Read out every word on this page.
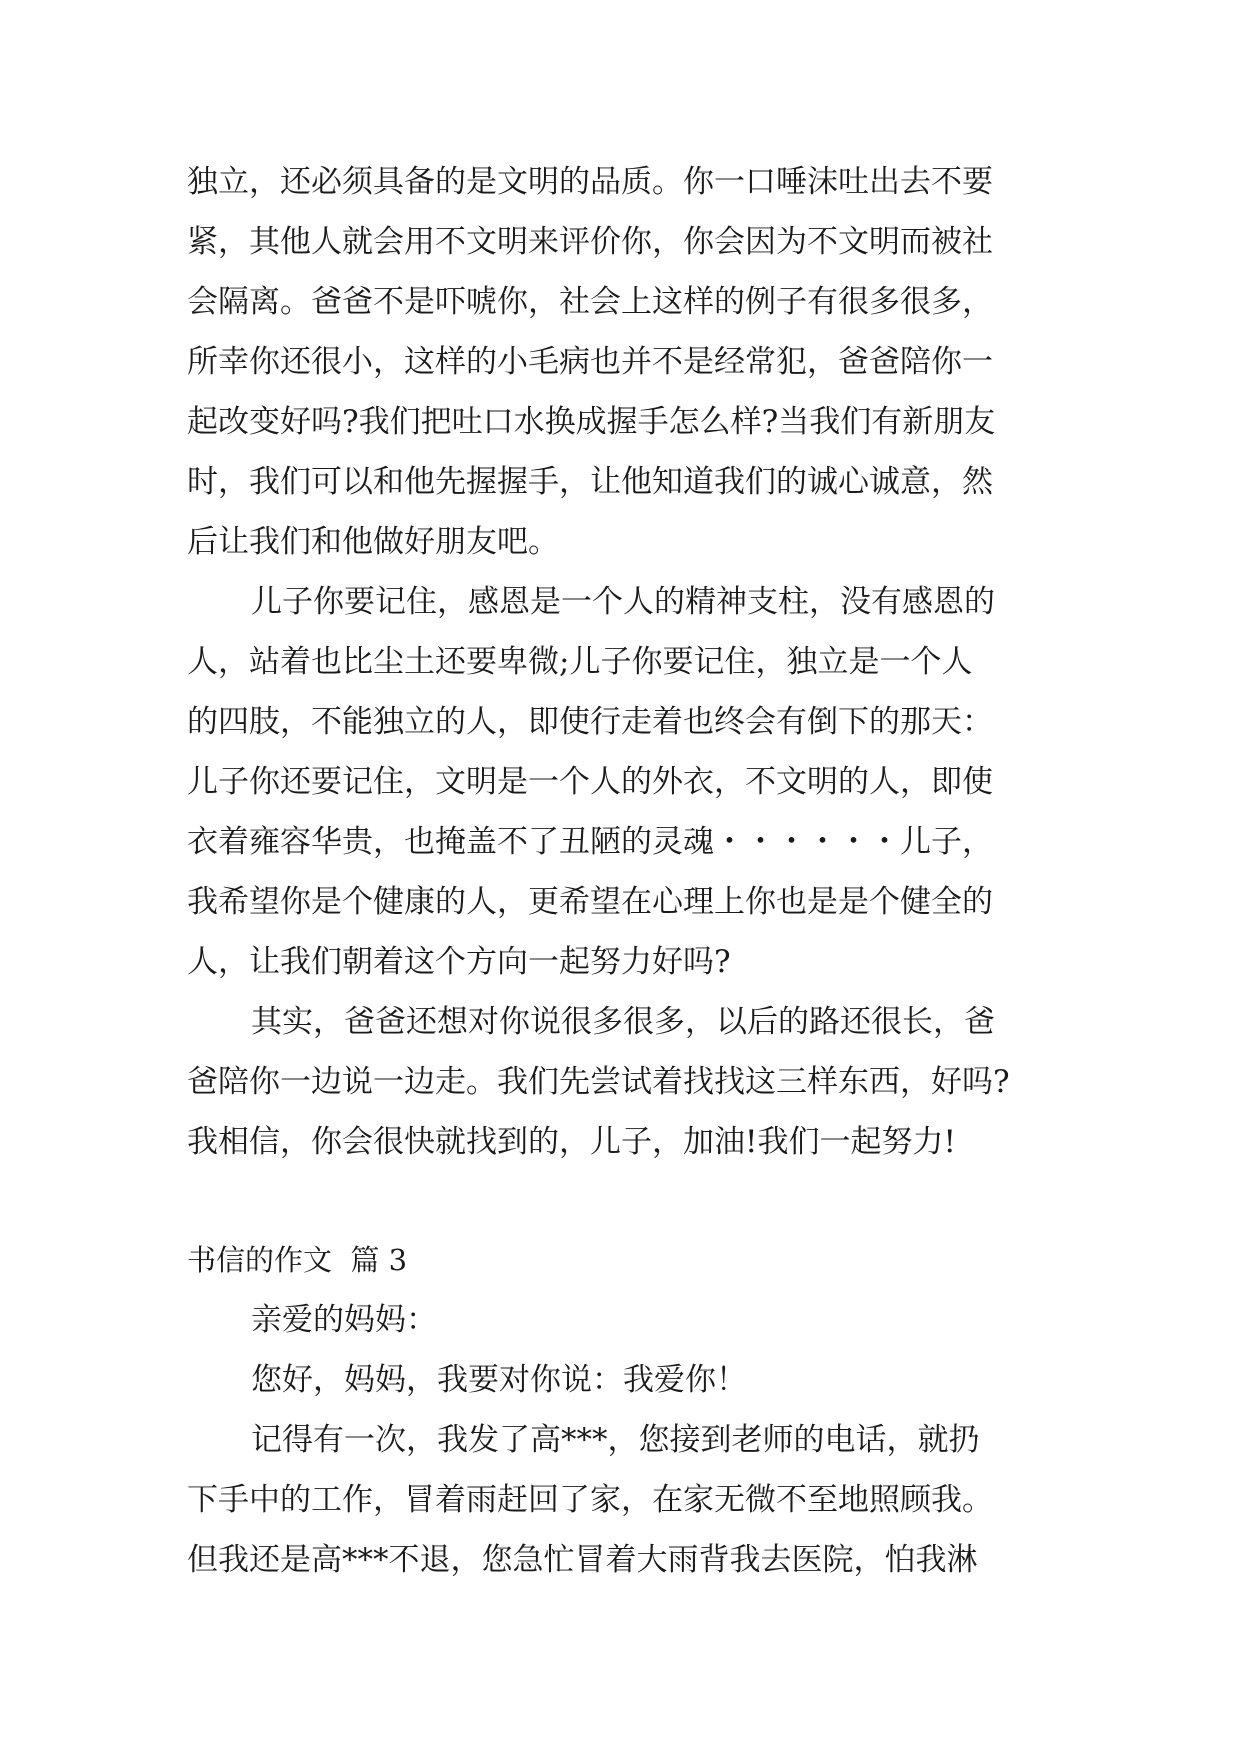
独立，还必须具备的是文明的品质。你一口唾沫吐出去不要
紧，其他人就会用不文明来评价你，你会因为不文明而被社
会隔离。爸爸不是吓唬你，社会上这样的例子有很多很多，
所幸你还很小，这样的小毛病也并不是经常犯，爸爸陪你一
起改变好吗?我们把吐口水换成握手怎么样?当我们有新朋友
时，我们可以和他先握握手，让他知道我们的诚心诚意，然
后让我们和他做好朋友吧。
儿子你要记住，感恩是一个人的精神支柱，没有感恩的
人，站着也比尘土还要卑微;儿子你要记住，独立是一个人
的四肢，不能独立的人，即使行走着也终会有倒下的那天：
儿子你还要记住，文明是一个人的外衣，不文明的人，即使
衣着雍容华贵，也掩盖不了丑陋的灵魂・・・・・・儿子，
我希望你是个健康的人，更希望在心理上你也是是个健全的
人，让我们朝着这个方向一起努力好吗?
其实，爸爸还想对你说很多很多，以后的路还很长，爸
爸陪你一边说一边走。我们先尝试着找找这三样东西，好吗?
我相信，你会很快就找到的，儿子，加油!我们一起努力!
书信的作文  篇 3
亲爱的妈妈：
您好，妈妈，我要对你说：我爱你！
记得有一次，我发了高***，您接到老师的电话，就扔
下手中的工作，冒着雨赶回了家，在家无微不至地照顾我。
但我还是高***不退，您急忙冒着大雨背我去医院，怕我淋
